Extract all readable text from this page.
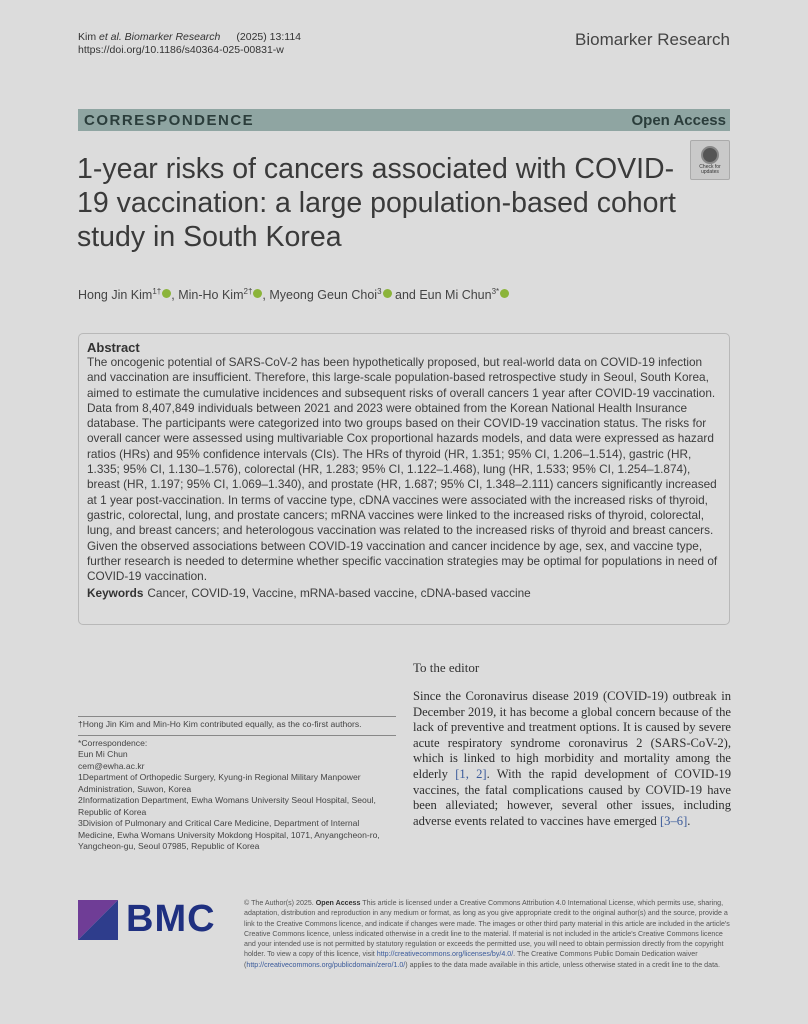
Kim et al. Biomarker Research (2025) 13:114
https://doi.org/10.1186/s40364-025-00831-w
Biomarker Research
CORRESPONDENCE	Open Access
Check for
updates
1-year risks of cancers associated with COVID-19 vaccination: a large population-based cohort study in South Korea
Hong Jin Kim$^{1\dagger}$ , Min-Ho Kim$^{2\dagger}$ , Myeong Geun Choi$^3$ and Eun Mi Chun$^{3*}$
Abstract

The oncogenic potential of SARS-CoV-2 has been hypothetically proposed, but real-world data on COVID-19 infection and vaccination are insufficient. Therefore, this large-scale population-based retrospective study in Seoul, South Korea, aimed to estimate the cumulative incidences and subsequent risks of overall cancers 1 year after COVID-19 vaccination. Data from 8,407,849 individuals between 2021 and 2023 were obtained from the Korean National Health Insurance database. The participants were categorized into two groups based on their COVID-19 vaccination status. The risks for overall cancer were assessed using multivariable Cox proportional hazards models, and data were expressed as hazard ratios (HRs) and 95% confidence intervals (CIs). The HRs of thyroid (HR, 1.351; 95% CI, 1.206–1.514), gastric (HR, 1.335; 95% CI, 1.130–1.576), colorectal (HR, 1.283; 95% CI, 1.122–1.468), lung (HR, 1.533; 95% CI, 1.254–1.874), breast (HR, 1.197; 95% CI, 1.069–1.340), and prostate (HR, 1.687; 95% CI, 1.348–2.111) cancers significantly increased at 1 year post-vaccination. In terms of vaccine type, cDNA vaccines were associated with the increased risks of thyroid, gastric, colorectal, lung, and prostate cancers; mRNA vaccines were linked to the increased risks of thyroid, colorectal, lung, and breast cancers; and heterologous vaccination was related to the increased risks of thyroid and breast cancers. Given the observed associations between COVID-19 vaccination and cancer incidence by age, sex, and vaccine type, further research is needed to determine whether specific vaccination strategies may be optimal for populations in need of COVID-19 vaccination.

Keywords Cancer, COVID-19, Vaccine, mRNA-based vaccine, cDNA-based vaccine
To the editor
Since the Coronavirus disease 2019 (COVID-19) outbreak in December 2019, it has become a global concern because of the lack of preventive and treatment options. It is caused by severe acute respiratory syndrome coronavirus 2 (SARS-CoV-2), which is linked to high morbidity and mortality among the elderly [1, 2]. With the rapid development of COVID-19 vaccines, the fatal complications caused by COVID-19 have been alleviated; however, several other issues, including adverse events related to vaccines have emerged [3–6].
†Hong Jin Kim and Min-Ho Kim contributed equally, as the co-first authors.
*Correspondence:
Eun Mi Chun
cem@ewha.ac.kr
1Department of Orthopedic Surgery, Kyung-in Regional Military Manpower Administration, Suwon, Korea
2Informatization Department, Ewha Womans University Seoul Hospital, Seoul, Republic of Korea
3Division of Pulmonary and Critical Care Medicine, Department of Internal Medicine, Ewha Womans University Mokdong Hospital, 1071, Anyangcheon-ro, Yangcheon-gu, Seoul 07985, Republic of Korea
BMC	© The Author(s) 2025. Open Access This article is licensed under a Creative Commons Attribution 4.0 International License, which permits use, sharing, adaptation, distribution and reproduction in any medium or format, as long as you give appropriate credit to the original author(s) and the source, provide a link to the Creative Commons licence, and indicate if changes were made. The images or other third party material in this article are included in the article's Creative Commons licence, unless indicated otherwise in a credit line to the material. If material is not included in the article's Creative Commons licence and your intended use is not permitted by statutory regulation or exceeds the permitted use, you will need to obtain permission directly from the copyright holder. To view a copy of this licence, visit http://creativecommons.org/licenses/by/4.0/. The Creative Commons Public Domain Dedication waiver (http://creativecommons.org/publicdomain/zero/1.0/) applies to the data made available in this article, unless otherwise stated in a credit line to the data.
